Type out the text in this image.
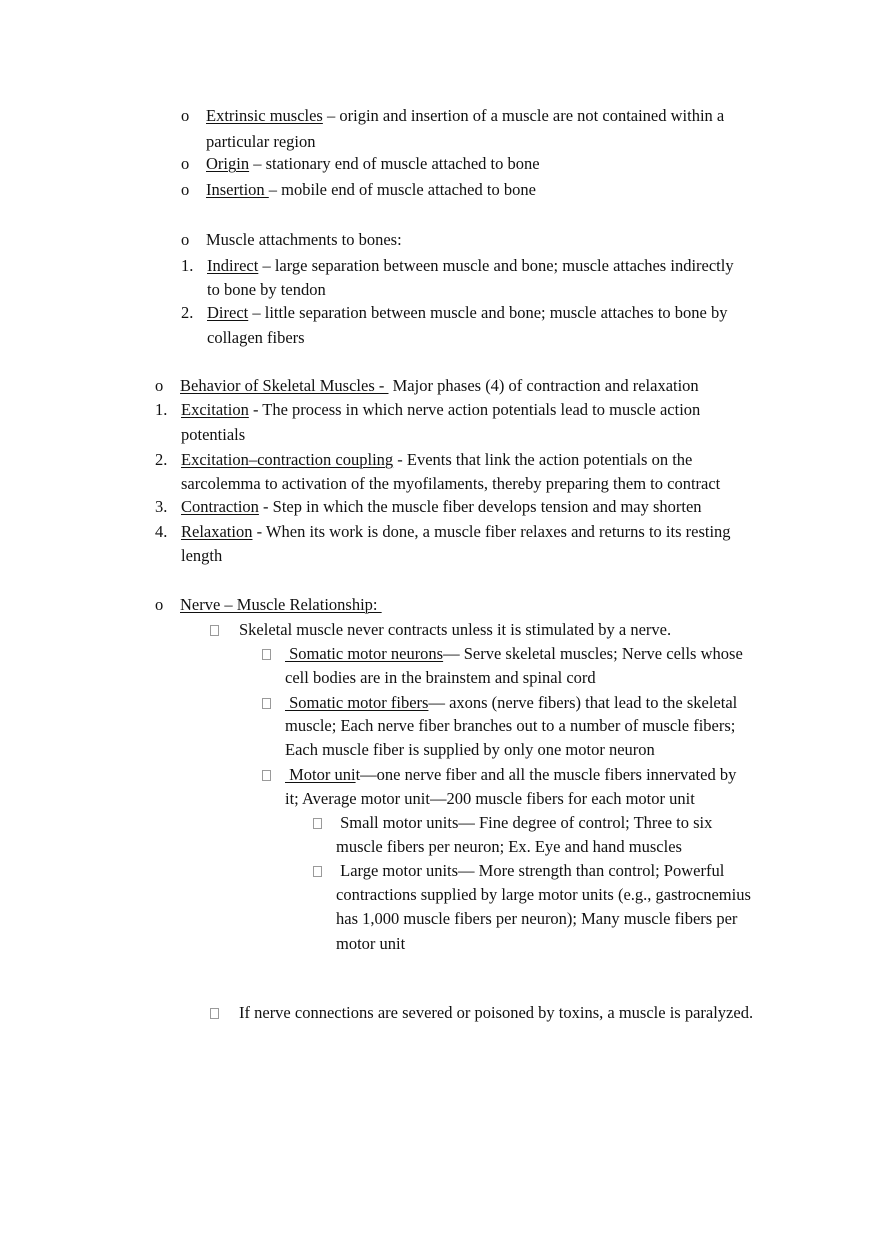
o Extrinsic muscles – origin and insertion of a muscle are not contained within a
particular region
o Origin – stationary end of muscle attached to bone
o Insertion – mobile end of muscle attached to bone
o Muscle attachments to bones:
1. Indirect – large separation between muscle and bone; muscle attaches indirectly
to bone by tendon
2. Direct – little separation between muscle and bone; muscle attaches to bone by
collagen fibers
o Behavior of Skeletal Muscles -  Major phases (4) of contraction and relaxation
1. Excitation - The process in which nerve action potentials lead to muscle action
potentials
2. Excitation–contraction coupling - Events that link the action potentials on the
sarcolemma to activation of the myofilaments, thereby preparing them to contract
3. Contraction - Step in which the muscle fiber develops tension and may shorten
4. Relaxation - When its work is done, a muscle fiber relaxes and returns to its resting
length
o Nerve – Muscle Relationship:
Skeletal muscle never contracts unless it is stimulated by a nerve.
Somatic motor neurons— Serve skeletal muscles; Nerve cells whose
cell bodies are in the brainstem and spinal cord
Somatic motor fibers— axons (nerve fibers) that lead to the skeletal
muscle; Each nerve fiber branches out to a number of muscle fibers;
Each muscle fiber is supplied by only one motor neuron
Motor unit—one nerve fiber and all the muscle fibers innervated by
it; Average motor unit—200 muscle fibers for each motor unit
Small motor units— Fine degree of control; Three to six
muscle fibers per neuron; Ex. Eye and hand muscles
Large motor units— More strength than control; Powerful
contractions supplied by large motor units (e.g., gastrocnemius
has 1,000 muscle fibers per neuron); Many muscle fibers per
motor unit
If nerve connections are severed or poisoned by toxins, a muscle is paralyzed.
